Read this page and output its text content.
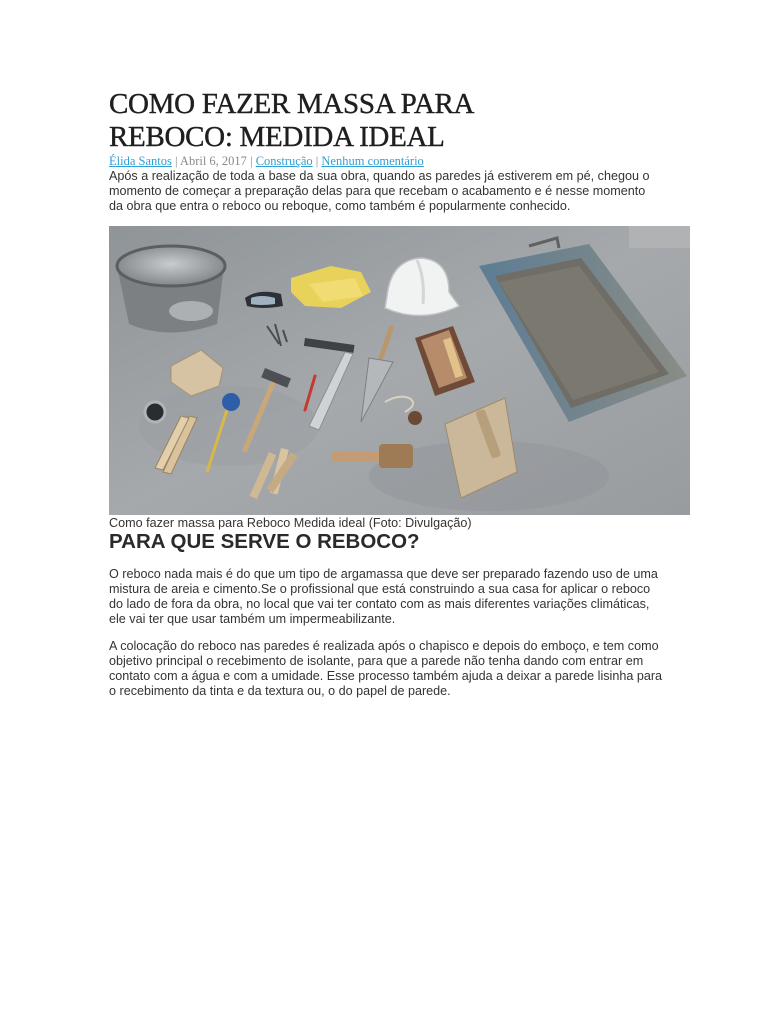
COMO FAZER MASSA PARA
REBOCO: MEDIDA IDEAL
Élida Santos | Abril 6, 2017 | Construção | Nenhum comentário

Após a realização de toda a base da sua obra, quando as paredes já estiverem em pé, chegou o momento de começar a preparação delas para que recebam o acabamento e é nesse momento da obra que entra o reboco ou reboque, como também é popularmente conhecido.

Como fazer massa para Reboco Medida ideal (Foto: Divulgação)
PARA QUE SERVE O REBOCO?

O reboco nada mais é do que um tipo de argamassa que deve ser preparado fazendo uso de uma mistura de areia e cimento.Se o profissional que está construindo a sua casa for aplicar o reboco do lado de fora da obra, no local que vai ter contato com as mais diferentes variações climáticas, ele vai ter que usar também um impermeabilizante.

A colocação do reboco nas paredes é realizada após o chapisco e depois do emboço, e tem como objetivo principal o recebimento de isolante, para que a parede não tenha dando com entrar em contato com a água e com a umidade. Esse processo também ajuda a deixar a parede lisinha para o recebimento da tinta e da textura ou, o do papel de parede.
